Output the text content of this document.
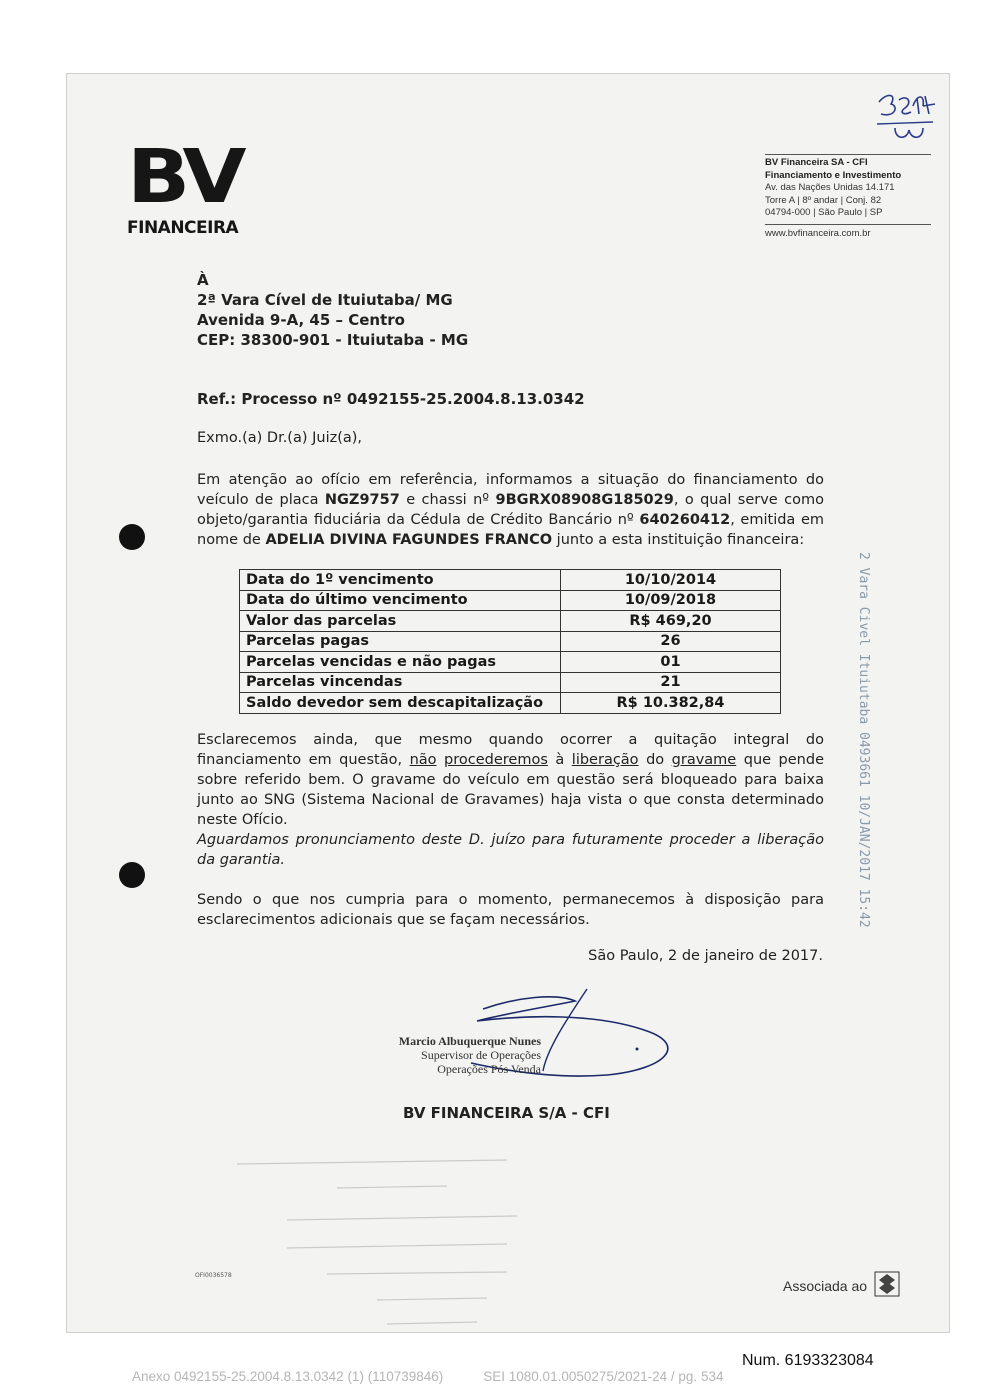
BV
FINANCEIRA
BV Financeira SA - CFI
Financiamento e Investimento
Av. das Nações Unidas 14.171
Torre A | 8º andar | Conj. 82
04794-000 | São Paulo | SP
www.bvfinanceira.com.br
À
2ª Vara Cível de Ituiutaba/ MG
Avenida 9-A, 45 – Centro
CEP: 38300-901 - Ituiutaba - MG
Ref.: Processo nº 0492155-25.2004.8.13.0342
Exmo.(a) Dr.(a) Juiz(a),
Em atenção ao ofício em referência, informamos a situação do financiamento do veículo de placa NGZ9757 e chassi nº 9BGRX08908G185029, o qual serve como objeto/garantia fiduciária da Cédula de Crédito Bancário nº 640260412, emitida em nome de ADELIA DIVINA FAGUNDES FRANCO junto a esta instituição financeira:
Data do 1º vencimento	10/10/2014
Data do último vencimento	10/09/2018
Valor das parcelas	R$ 469,20
Parcelas pagas	26
Parcelas vencidas e não pagas	01
Parcelas vincendas	21
Saldo devedor sem descapitalização	R$ 10.382,84
Esclarecemos ainda, que mesmo quando ocorrer a quitação integral do financiamento em questão, não procederemos à liberação do gravame que pende sobre referido bem. O gravame do veículo em questão será bloqueado para baixa junto ao SNG (Sistema Nacional de Gravames) haja vista o que consta determinado neste Ofício.
Aguardamos pronunciamento deste D. juízo para futuramente proceder a liberação da garantia.
Sendo o que nos cumpria para o momento, permanecemos à disposição para esclarecimentos adicionais que se façam necessários.
São Paulo, 2 de janeiro de 2017.
Marcio Albuquerque Nunes
Supervisor de Operações
Operações Pós Venda
BV FINANCEIRA S/A - CFI
2 Vara Civel Ituiutaba 0493661 10/JAN/2017 15:42
OFI0036578
Associada ao
Num. 6193323084
Anexo 0492155-25.2004.8.13.0342 (1) (110739846)	SEI 1080.01.0050275/2021-24 / pg. 534
